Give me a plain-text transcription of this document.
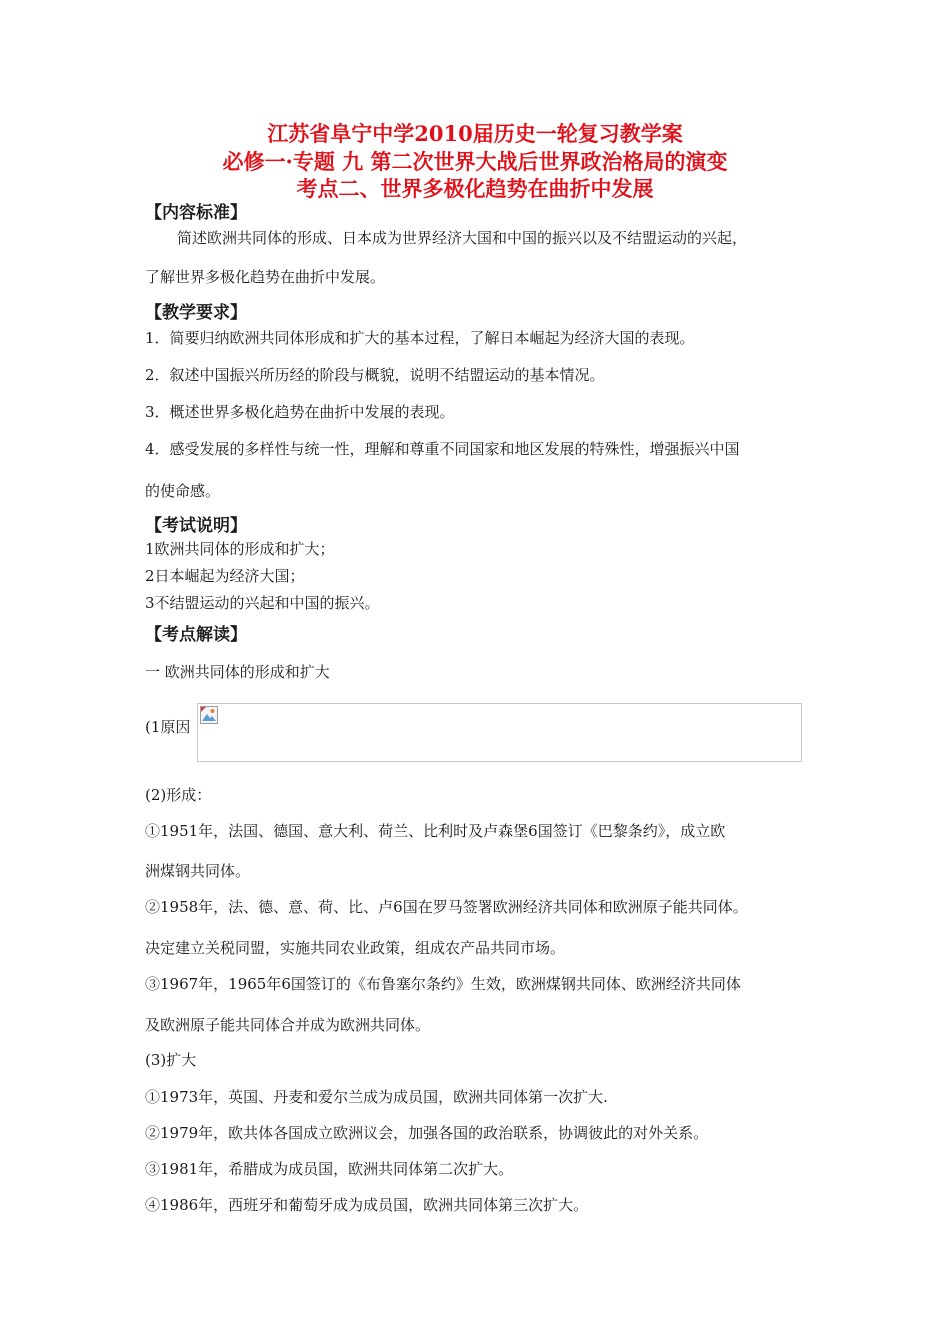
江苏省阜宁中学2010届历史一轮复习教学案
必修一·专题 九 第二次世界大战后世界政治格局的演变
考点二、世界多极化趋势在曲折中发展
【内容标准】
简述欧洲共同体的形成、日本成为世界经济大国和中国的振兴以及不结盟运动的兴起，
了解世界多极化趋势在曲折中发展。
【教学要求】
1．简要归纳欧洲共同体形成和扩大的基本过程，了解日本崛起为经济大国的表现。
2．叙述中国振兴所历经的阶段与概貌，说明不结盟运动的基本情况。
3．概述世界多极化趋势在曲折中发展的表现。
4．感受发展的多样性与统一性，理解和尊重不同国家和地区发展的特殊性，增强振兴中国
的使命感。
【考试说明】
1欧洲共同体的形成和扩大；
2日本崛起为经济大国；
3不结盟运动的兴起和中国的振兴。
【考点解读】
一 欧洲共同体的形成和扩大
(1原因
(2)形成：
①1951年，法国、德国、意大利、荷兰、比利时及卢森堡6国签订《巴黎条约》，成立欧
洲煤钢共同体。
②1958年，法、德、意、荷、比、卢6国在罗马签署欧洲经济共同体和欧洲原子能共同体。
决定建立关税同盟，实施共同农业政策，组成农产品共同市场。
③1967年，1965年6国签订的《布鲁塞尔条约》生效，欧洲煤钢共同体、欧洲经济共同体
及欧洲原子能共同体合并成为欧洲共同体。
(3)扩大
①1973年，英国、丹麦和爱尔兰成为成员国，欧洲共同体第一次扩大.
②1979年，欧共体各国成立欧洲议会，加强各国的政治联系，协调彼此的对外关系。
③1981年，希腊成为成员国，欧洲共同体第二次扩大。
④1986年，西班牙和葡萄牙成为成员国，欧洲共同体第三次扩大。
